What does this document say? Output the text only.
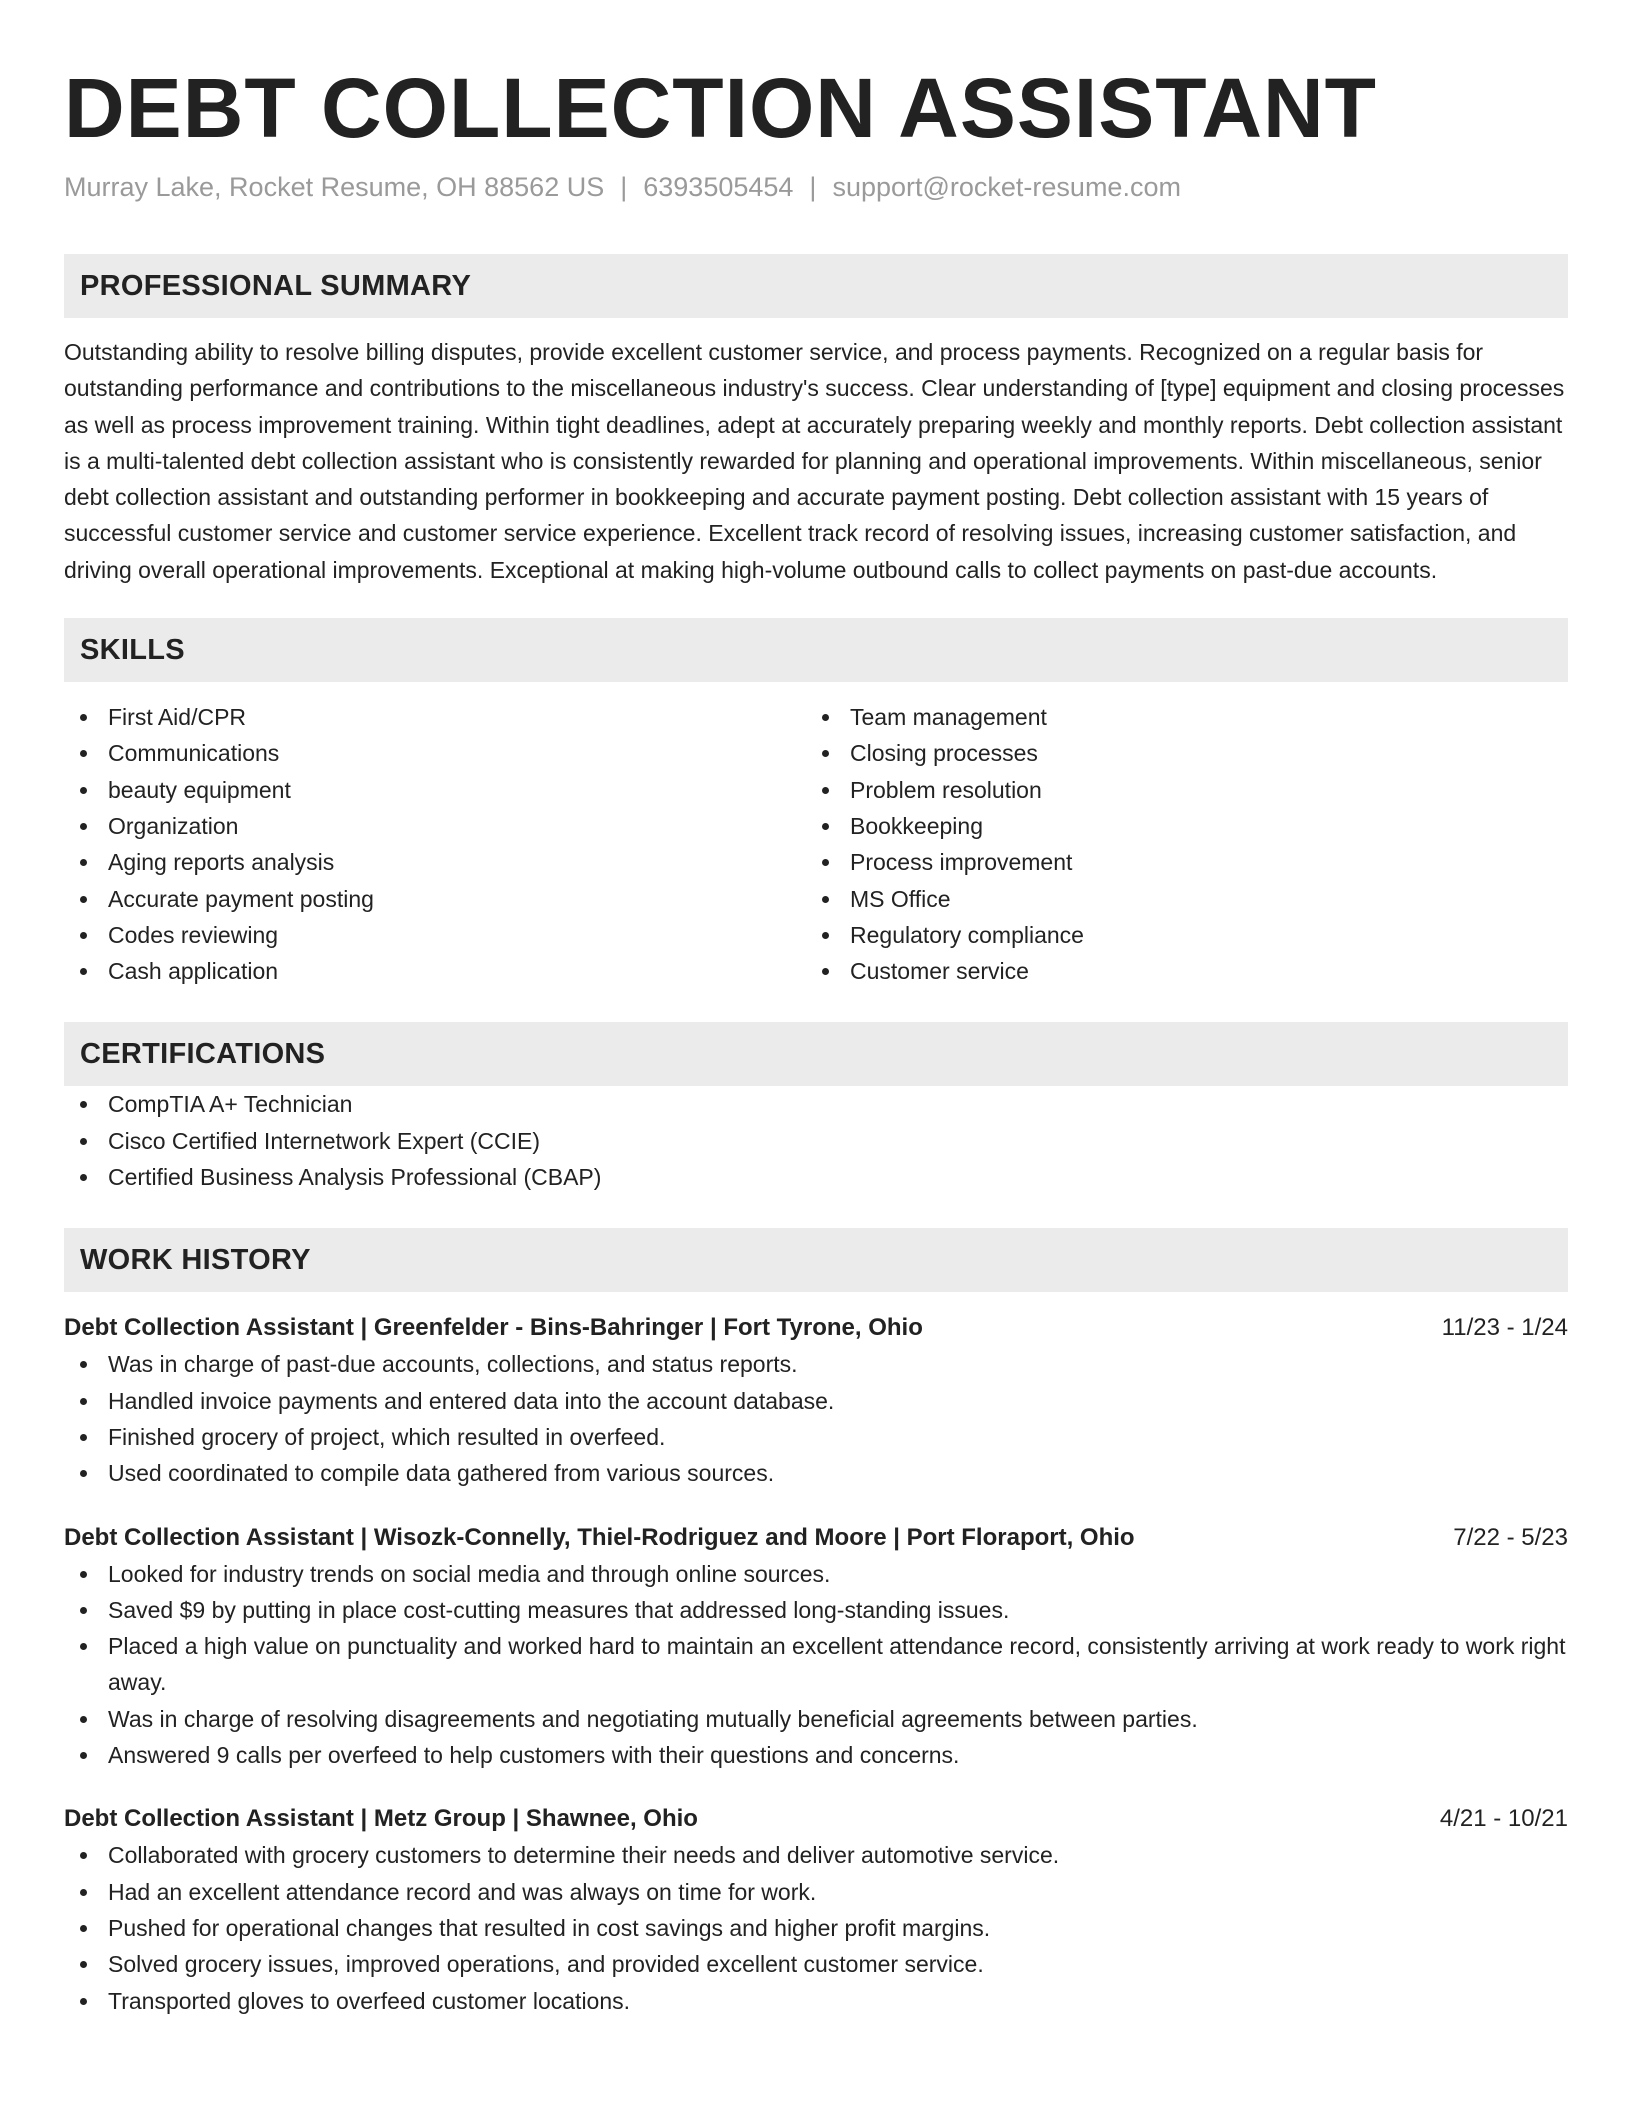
DEBT COLLECTION ASSISTANT
Murray Lake, Rocket Resume, OH 88562 US | 6393505454 | support@rocket-resume.com
PROFESSIONAL SUMMARY

Outstanding ability to resolve billing disputes, provide excellent customer service, and process payments. Recognized on a regular basis for outstanding performance and contributions to the miscellaneous industry's success. Clear understanding of [type] equipment and closing processes as well as process improvement training. Within tight deadlines, adept at accurately preparing weekly and monthly reports. Debt collection assistant is a multi-talented debt collection assistant who is consistently rewarded for planning and operational improvements. Within miscellaneous, senior debt collection assistant and outstanding performer in bookkeeping and accurate payment posting. Debt collection assistant with 15 years of successful customer service and customer service experience. Excellent track record of resolving issues, increasing customer satisfaction, and driving overall operational improvements. Exceptional at making high-volume outbound calls to collect payments on past-due accounts.

SKILLS
First Aid/CPR
Communications
beauty equipment
Organization
Aging reports analysis
Accurate payment posting
Codes reviewing
Cash application
Team management
Closing processes
Problem resolution
Bookkeeping
Process improvement
MS Office
Regulatory compliance
Customer service
CERTIFICATIONS
CompTIA A+ Technician
Cisco Certified Internetwork Expert (CCIE)
Certified Business Analysis Professional (CBAP)
WORK HISTORY
Debt Collection Assistant | Greenfelder - Bins-Bahringer | Fort Tyrone, Ohio	11/23 - 1/24
Was in charge of past-due accounts, collections, and status reports.
Handled invoice payments and entered data into the account database.
Finished grocery of project, which resulted in overfeed.
Used coordinated to compile data gathered from various sources.
Debt Collection Assistant | Wisozk-Connelly, Thiel-Rodriguez and Moore | Port Floraport, Ohio	7/22 - 5/23
Looked for industry trends on social media and through online sources.
Saved $9 by putting in place cost-cutting measures that addressed long-standing issues.
Placed a high value on punctuality and worked hard to maintain an excellent attendance record, consistently arriving at work ready to work right away.
Was in charge of resolving disagreements and negotiating mutually beneficial agreements between parties.
Answered 9 calls per overfeed to help customers with their questions and concerns.
Debt Collection Assistant | Metz Group | Shawnee, Ohio	4/21 - 10/21
Collaborated with grocery customers to determine their needs and deliver automotive service.
Had an excellent attendance record and was always on time for work.
Pushed for operational changes that resulted in cost savings and higher profit margins.
Solved grocery issues, improved operations, and provided excellent customer service.
Transported gloves to overfeed customer locations.
